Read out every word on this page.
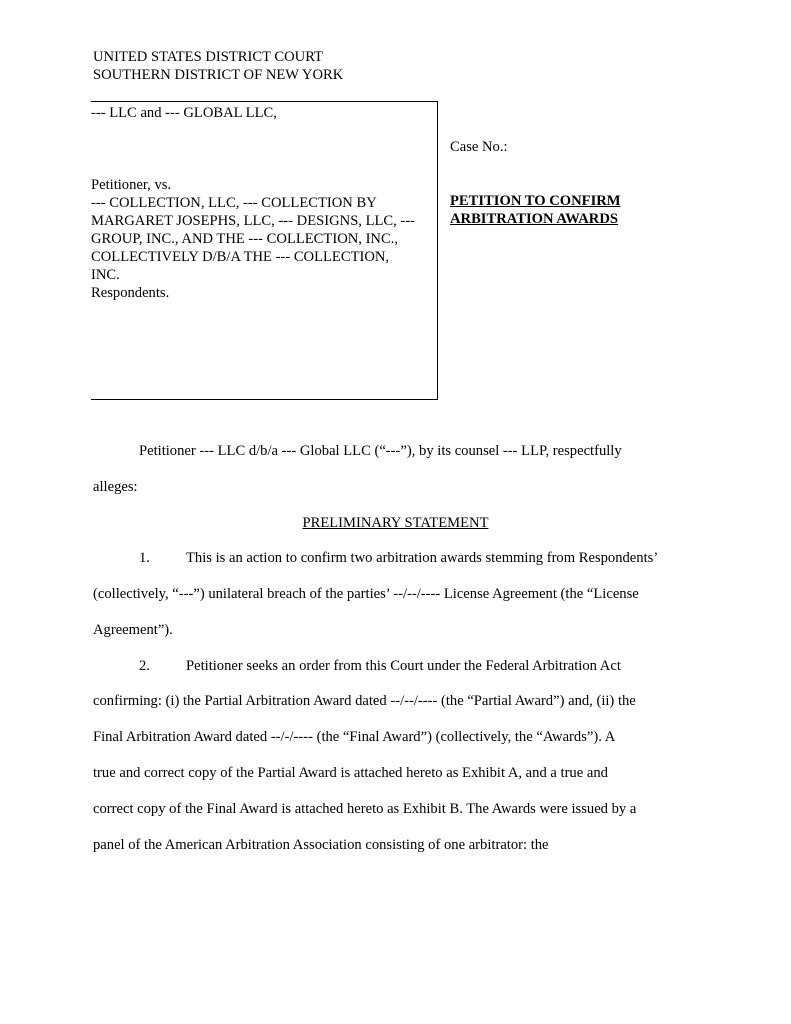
UNITED STATES DISTRICT COURT
SOUTHERN DISTRICT OF NEW YORK
--- LLC and --- GLOBAL LLC,
Petitioner, vs.
--- COLLECTION, LLC, --- COLLECTION BY
MARGARET JOSEPHS, LLC, --- DESIGNS, LLC, ---
GROUP, INC., AND THE --- COLLECTION, INC.,
COLLECTIVELY D/B/A THE --- COLLECTION,
INC.
Respondents.
Case No.:
PETITION TO CONFIRM
ARBITRATION AWARDS
Petitioner --- LLC d/b/a --- Global LLC (“---”), by its counsel --- LLP, respectfully
alleges:
PRELIMINARY STATEMENT
1. This is an action to confirm two arbitration awards stemming from Respondents’
(collectively, “---”) unilateral breach of the parties’ --/--/---- License Agreement (the “License
Agreement”).
2. Petitioner seeks an order from this Court under the Federal Arbitration Act
confirming: (i) the Partial Arbitration Award dated --/--/---- (the “Partial Award”) and, (ii) the
Final Arbitration Award dated --/-/---- (the “Final Award”) (collectively, the “Awards”). A
true and correct copy of the Partial Award is attached hereto as Exhibit A, and a true and
correct copy of the Final Award is attached hereto as Exhibit B. The Awards were issued by a
panel of the American Arbitration Association consisting of one arbitrator: the
